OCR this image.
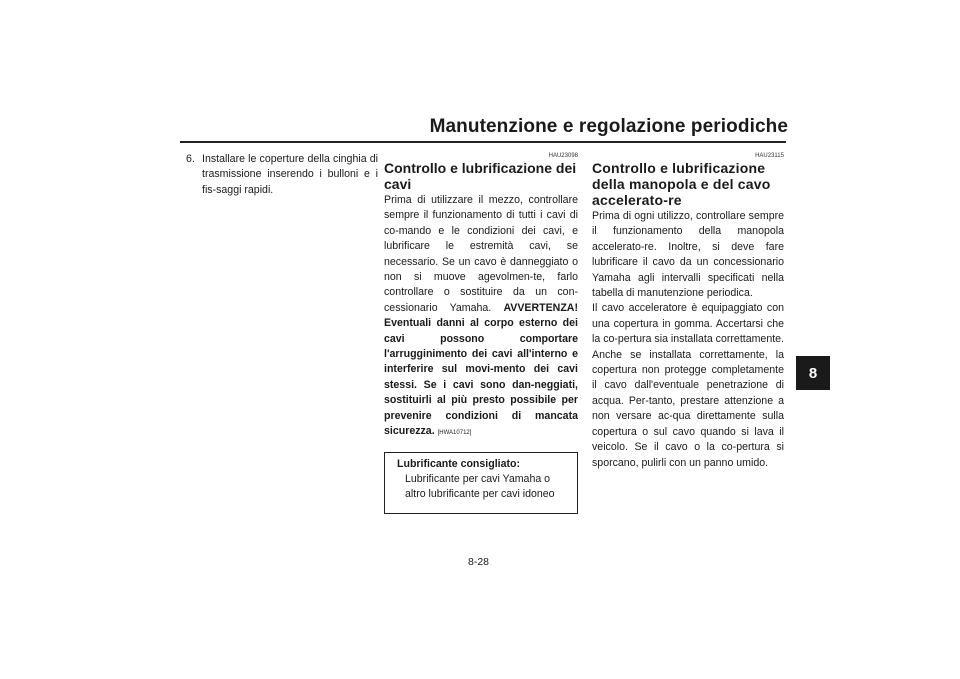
Manutenzione e regolazione periodiche
8
6. Installare le coperture della cinghia di trasmissione inserendo i bulloni e i fis-saggi rapidi.
HAU23098
Controllo e lubrificazione dei cavi

Prima di utilizzare il mezzo, controllare sempre il funzionamento di tutti i cavi di co-mando e le condizioni dei cavi, e lubrificare le estremità cavi, se necessario. Se un cavo è danneggiato o non si muove agevolmen-te, farlo controllare o sostituire da un con-cessionario Yamaha. AVVERTENZA! Eventuali danni al corpo esterno dei cavi possono comportare l'arrugginimento dei cavi all'interno e interferire sul movi-mento dei cavi stessi. Se i cavi sono dan-neggiati, sostituirli al più presto possibile per prevenire condizioni di mancata sicurezza. [HWA10712]

Lubrificante consigliato:
Lubrificante per cavi Yamaha o altro lubrificante per cavi idoneo
HAU23115
Controllo e lubrificazione della manopola e del cavo accelerato-re

Prima di ogni utilizzo, controllare sempre il funzionamento della manopola accelerato-re. Inoltre, si deve fare lubrificare il cavo da un concessionario Yamaha agli intervalli specificati nella tabella di manutenzione periodica.

Il cavo acceleratore è equipaggiato con una copertura in gomma. Accertarsi che la co-pertura sia installata correttamente. Anche se installata correttamente, la copertura non protegge completamente il cavo dall'eventuale penetrazione di acqua. Per-tanto, prestare attenzione a non versare ac-qua direttamente sulla copertura o sul cavo quando si lava il veicolo. Se il cavo o la co-pertura si sporcano, pulirli con un panno umido.

8-28
